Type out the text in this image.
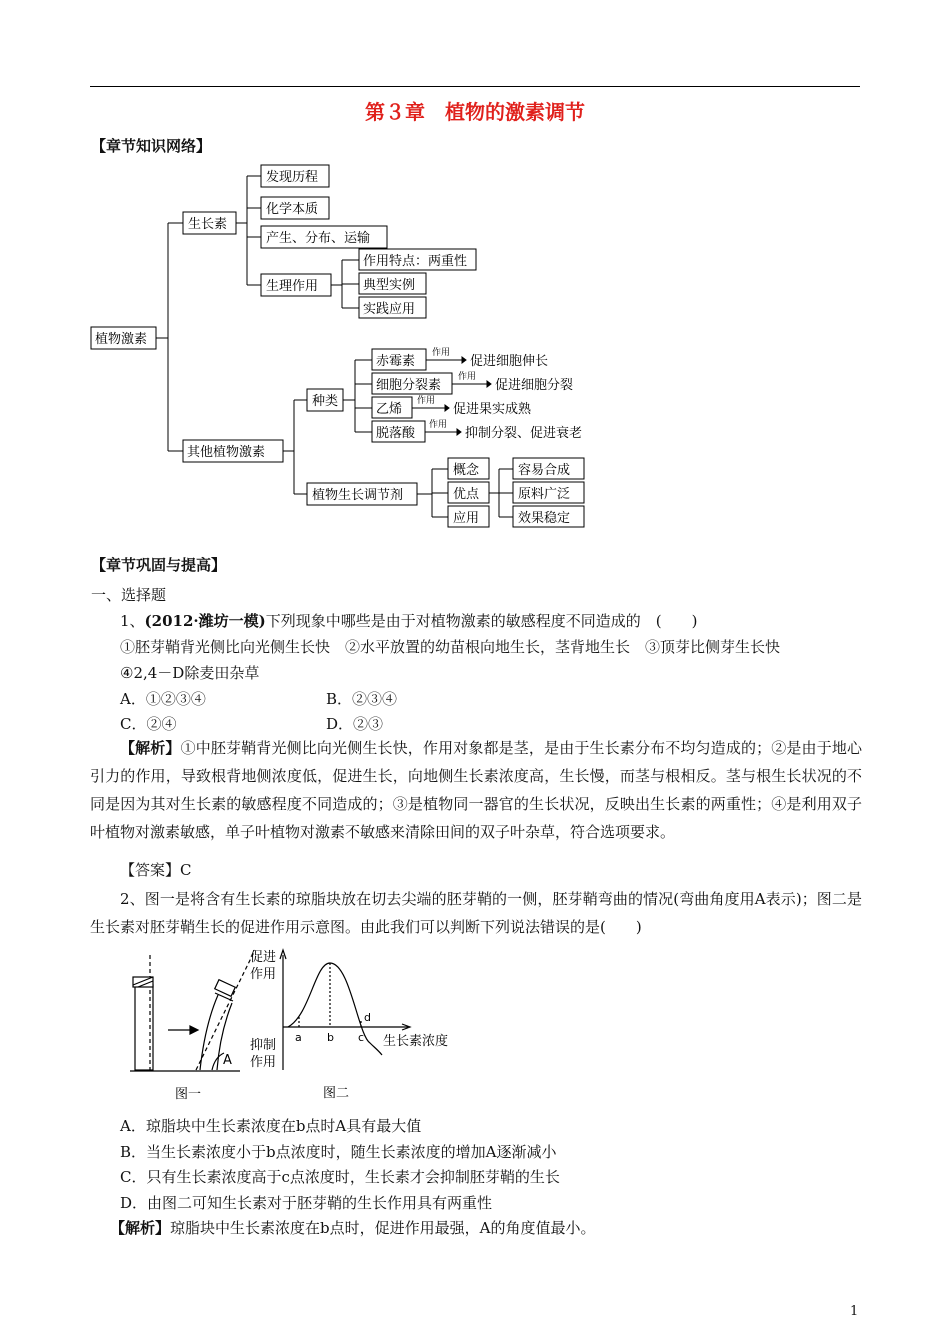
第３章　植物的激素调节
【章节知识网络】
植物激素
生长素
发现历程
化学本质
产生、分布、运输
生理作用
作用特点：两重性
典型实例
实践应用
其他植物激素
种类
赤霉素
细胞分裂素
乙烯
脱落酸
促进细胞伸长
促进细胞分裂
促进果实成熟
抑制分裂、促进衰老
植物生长调节剂
概念
优点
应用
容易合成
原料广泛
效果稳定
作用
作用
作用
作用
【章节巩固与提高】
一、选择题
1、(2012·潍坊一模)下列现象中哪些是由于对植物激素的敏感程度不同造成的　(　　)
①胚芽鞘背光侧比向光侧生长快　②水平放置的幼苗根向地生长，茎背地生长　③顶芽比侧芽生长快
④2,4－D除麦田杂草
A．①②③④	B．②③④
C．②④	D．②③
【解析】①中胚芽鞘背光侧比向光侧生长快，作用对象都是茎，是由于生长素分布不均匀造成的；②是由于地心引力的作用，导致根背地侧浓度低，促进生长，向地侧生长素浓度高，生长慢，而茎与根相反。茎与根生长状况的不同是因为其对生长素的敏感程度不同造成的；③是植物同一器官的生长状况，反映出生长素的两重性；④是利用双子叶植物对激素敏感，单子叶植物对激素不敏感来清除田间的双子叶杂草，符合选项要求。
【答案】C
2、图一是将含有生长素的琼脂块放在切去尖端的胚芽鞘的一侧，胚芽鞘弯曲的情况(弯曲角度用A表示)；图二是生长素对胚芽鞘生长的促进作用示意图。由此我们可以判断下列说法错误的是(　　)
A
图一
促进
作用
抑制
作用
生长素浓度
图二
a b c
d
A．琼脂块中生长素浓度在b点时A具有最大值
B．当生长素浓度小于b点浓度时，随生长素浓度的增加A逐渐减小
C．只有生长素浓度高于c点浓度时，生长素才会抑制胚芽鞘的生长
D．由图二可知生长素对于胚芽鞘的生长作用具有两重性
【解析】琼脂块中生长素浓度在b点时，促进作用最强，A的角度值最小。
1
